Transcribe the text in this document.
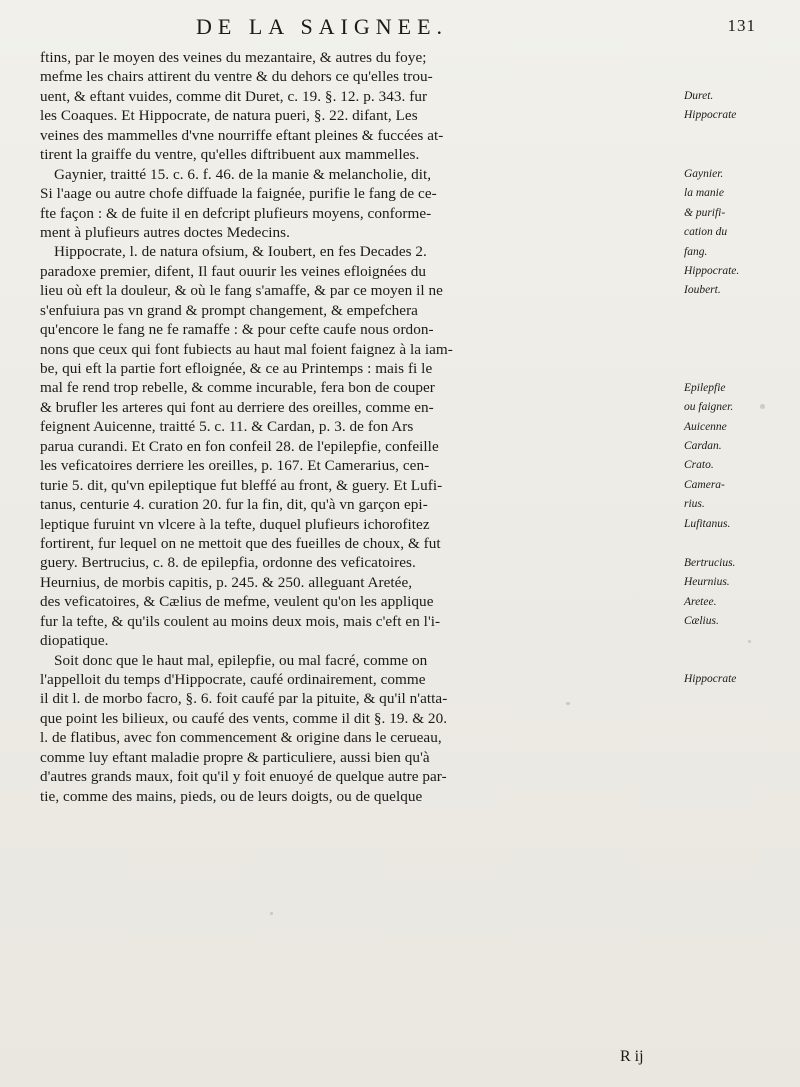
DE LA SAIGNEE.	131
ftins, par le moyen des veines du mezantaire, & autres du foye;
mefme les chairs attirent du ventre & du dehors ce qu'elles trou-
uent, & eftant vuides, comme dit Duret, c. 19. §. 12. p. 343. fur
les Coaques. Et Hippocrate, de natura pueri, §. 22. difant, Les
veines des mammelles d'vne nourriffe eftant pleines & fuccées at-
tirent la graiffe du ventre, qu'elles diftribuent aux mammelles.
Gaynier, traitté 15. c. 6. f. 46. de la manie & melancholie, dit,
Si l'aage ou autre chofe diffuade la faignée, purifie le fang de ce-
fte façon : & de fuite il en defcript plufieurs moyens, conforme-
ment à plufieurs autres doctes Medecins.
Hippocrate, l. de natura ofsium, & Ioubert, en fes Decades 2.
paradoxe premier, difent, Il faut ouurir les veines efloignées du
lieu où eft la douleur, & où le fang s'amaffe, & par ce moyen il ne
s'enfuiura pas vn grand & prompt changement, & empefchera
qu'encore le fang ne fe ramaffe : & pour cefte caufe nous ordon-
nons que ceux qui font fubiects au haut mal foient faignez à la iam-
be, qui eft la partie fort efloignée, & ce au Printemps : mais fi le
mal fe rend trop rebelle, & comme incurable, fera bon de couper
& brufler les arteres qui font au derriere des oreilles, comme en-
feignent Auicenne, traitté 5. c. 11. & Cardan, p. 3. de fon Ars
parua curandi. Et Crato en fon confeil 28. de l'epilepfie, confeille
les veficatoires derriere les oreilles, p. 167. Et Camerarius, cen-
turie 5. dit, qu'vn epileptique fut bleffé au front, & guery. Et Lufi-
tanus, centurie 4. curation 20. fur la fin, dit, qu'à vn garçon epi-
leptique furuint vn vlcere à la tefte, duquel plufieurs ichorofitez
fortirent, fur lequel on ne mettoit que des fueilles de choux, & fut
guery. Bertrucius, c. 8. de epilepfia, ordonne des veficatoires.
Heurnius, de morbis capitis, p. 245. & 250. alleguant Aretée,
des veficatoires, & Cælius de mefme, veulent qu'on les applique
fur la tefte, & qu'ils coulent au moins deux mois, mais c'eft en l'i-
diopatique.
Soit donc que le haut mal, epilepfie, ou mal facré, comme on
l'appelloit du temps d'Hippocrate, caufé ordinairement, comme
il dit l. de morbo facro, §. 6. foit caufé par la pituite, & qu'il n'atta-
que point les bilieux, ou caufé des vents, comme il dit §. 19. & 20.
l. de flatibus, avec fon commencement & origine dans le cerueau,
comme luy eftant maladie propre & particuliere, aussi bien qu'à
d'autres grands maux, foit qu'il y foit enuoyé de quelque autre par-
tie, comme des mains, pieds, ou de leurs doigts, ou de quelque
Duret.
Hippocrate
Gaynier.
la manie
& purifi-
cation du
fang.
Hippocrate.
Ioubert.
Epilepfie
ou faigner.
Auicenne
Cardan.
Crato.
Camera-
rius.
Lufitanus.
Bertrucius.
Heurnius.
Aretee.
Cælius.
Hippocrate
R ij
